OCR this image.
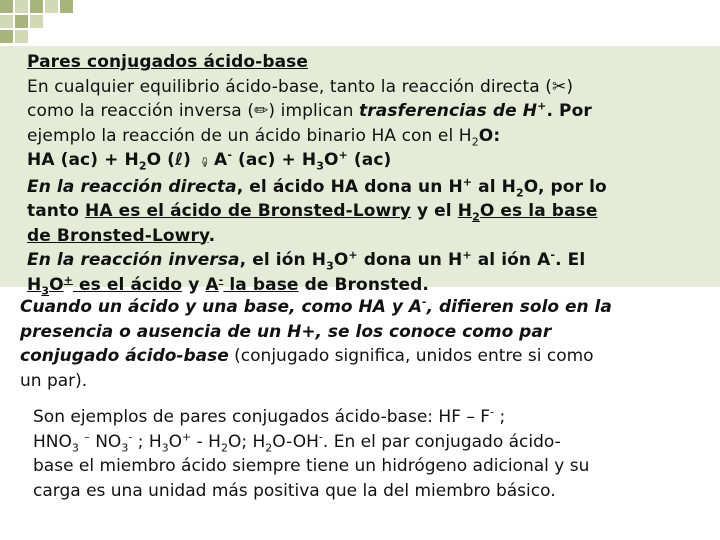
Pares conjugados ácido-base
En cualquier equilibrio ácido-base, tanto la reacción directa (✂)
como la reacción inversa (✏) implican trasferencias de H+. Por
ejemplo la reacción de un ácido binario HA con el $H_2O$:
HA $(ac) + H_2O$ (ℓ) ✑ A- $(ac) + H_3O^+$ (ac)
En la reacción directa, el ácido HA dona un H+ al $H_2O$, por lo
tanto HA es el ácido de Bronsted-Lowry y el $H_2O$ es la base
de Bronsted-Lowry.
En la reacción inversa, el ión $H_3O^+$ dona un H+ al ión A-. El
$H_3O^+$ es el ácido y A- la base de Bronsted.
Cuando un ácido y una base, como HA y A-, difieren solo en la
presencia o ausencia de un H+, se los conoce como par
conjugado ácido-base (conjugado significa, unidos entre si como
un par).
Son ejemplos de pares conjugados ácido-base: HF – F- ;
$HNO_3$ – $NO_3^-$ ; $H_3O^+ - H_2O$; $H_2O-OH^-$. En el par conjugado ácido-
base el miembro ácido siempre tiene un hidrógeno adicional y su
carga es una unidad más positiva que la del miembro básico.
